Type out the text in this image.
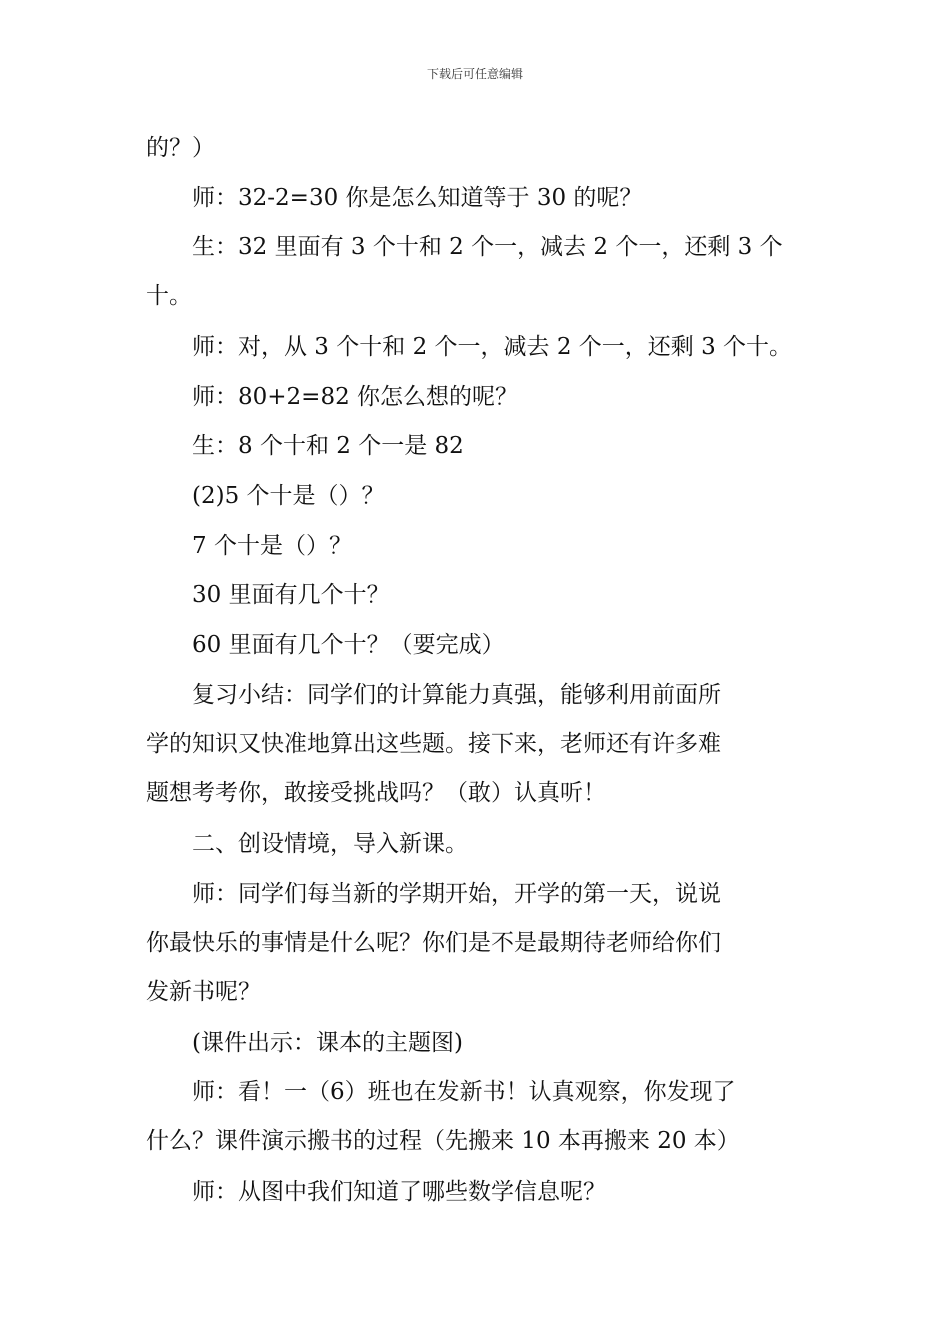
下载后可任意编辑
的？）
　　师：32-2=30 你是怎么知道等于 30 的呢？
　　生：32 里面有 3 个十和 2 个一，减去 2 个一，还剩 3 个
十。
　　师：对，从 3 个十和 2 个一，减去 2 个一，还剩 3 个十。
　　师：80+2=82 你怎么想的呢？
　　生：8 个十和 2 个一是 82
　　(2)5 个十是（）？
　　7 个十是（）？
　　30 里面有几个十？
　　60 里面有几个十？（要完成）
　　复习小结：同学们的计算能力真强，能够利用前面所
学的知识又快准地算出这些题。接下来，老师还有许多难
题想考考你，敢接受挑战吗？（敢）认真听！
　　二、创设情境，导入新课。
　　师：同学们每当新的学期开始，开学的第一天，说说
你最快乐的事情是什么呢？你们是不是最期待老师给你们
发新书呢？
　　(课件出示：课本的主题图)
　　师：看！一（6）班也在发新书！认真观察，你发现了
什么？课件演示搬书的过程（先搬来 10 本再搬来 20 本）
　　师：从图中我们知道了哪些数学信息呢？
